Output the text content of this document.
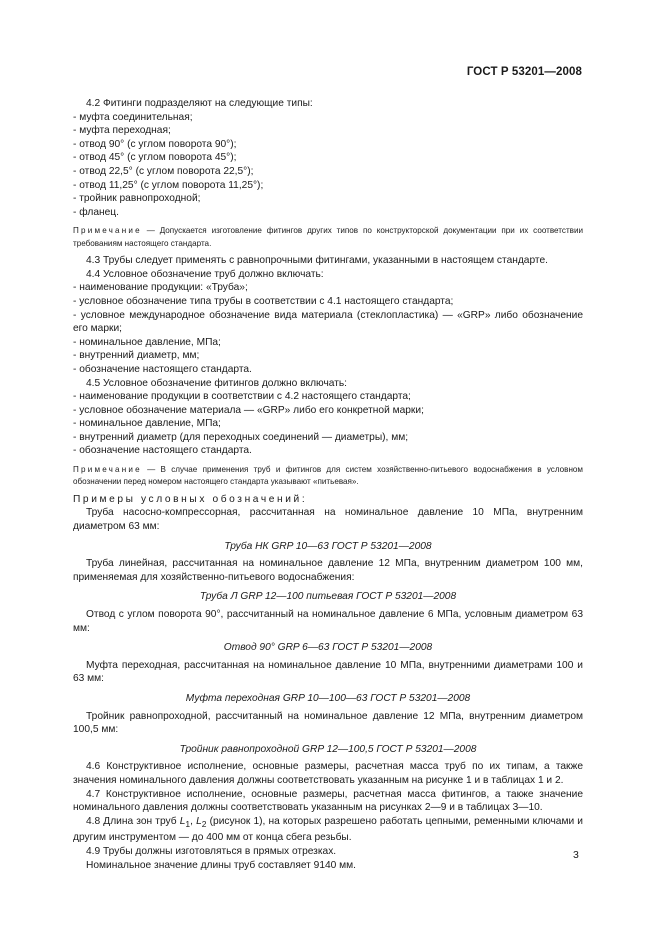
ГОСТ Р 53201—2008

4.2 Фитинги подразделяют на следующие типы:

- муфта соединительная;

- муфта переходная;

- отвод 90° (с углом поворота 90°);

- отвод 45° (с углом поворота 45°);

- отвод 22,5° (с углом поворота 22,5°);

- отвод 11,25° (с углом поворота 11,25°);

- тройник равнопроходной;

- фланец.

Примечание — Допускается изготовление фитингов других типов по конструкторской документации при их соответствии требованиям настоящего стандарта.

4.3 Трубы следует применять с равнопрочными фитингами, указанными в настоящем стандарте.

4.4 Условное обозначение труб должно включать:

- наименование продукции: «Труба»;

- условное обозначение типа трубы в соответствии с 4.1 настоящего стандарта;

- условное международное обозначение вида материала (стеклопластика) — «GRP» либо обозначение его марки;

- номинальное давление, МПа;

- внутренний диаметр, мм;

- обозначение настоящего стандарта.

4.5 Условное обозначение фитингов должно включать:

- наименование продукции в соответствии с 4.2 настоящего стандарта;

- условное обозначение материала — «GRP» либо его конкретной марки;

- номинальное давление, МПа;

- внутренний диаметр (для переходных соединений — диаметры), мм;

- обозначение настоящего стандарта.

Примечание — В случае применения труб и фитингов для систем хозяйственно-питьевого водоснабжения в условном обозначении перед номером настоящего стандарта указывают «питьевая».

Примеры условных обозначений:

Труба насосно-компрессорная, рассчитанная на номинальное давление 10 МПа, внутренним диаметром 63 мм:

Труба НК GRP 10—63 ГОСТ Р 53201—2008

Труба линейная, рассчитанная на номинальное давление 12 МПа, внутренним диаметром 100 мм, применяемая для хозяйственно-питьевого водоснабжения:

Труба Л GRP 12—100 питьевая ГОСТ Р 53201—2008

Отвод с углом поворота 90°, рассчитанный на номинальное давление 6 МПа, условным диаметром 63 мм:

Отвод 90° GRP 6—63 ГОСТ Р 53201—2008

Муфта переходная, рассчитанная на номинальное давление 10 МПа, внутренними диаметрами 100 и 63 мм:

Муфта переходная GRP 10—100—63 ГОСТ Р 53201—2008

Тройник равнопроходной, рассчитанный на номинальное давление 12 МПа, внутренним диаметром 100,5 мм:

Тройник равнопроходной GRP 12—100,5 ГОСТ Р 53201—2008

4.6 Конструктивное исполнение, основные размеры, расчетная масса труб по их типам, а также значения номинального давления должны соответствовать указанным на рисунке 1 и в таблицах 1 и 2.

4.7 Конструктивное исполнение, основные размеры, расчетная масса фитингов, а также значение номинального давления должны соответствовать указанным на рисунках 2—9 и в таблицах 3—10.

4.8 Длина зон труб $L_1$, $L_2$ (рисунок 1), на которых разрешено работать цепными, ременными ключами и другим инструментом — до 400 мм от конца сбега резьбы.

4.9 Трубы должны изготовляться в прямых отрезках.

Номинальное значение длины труб составляет 9140 мм.

3
